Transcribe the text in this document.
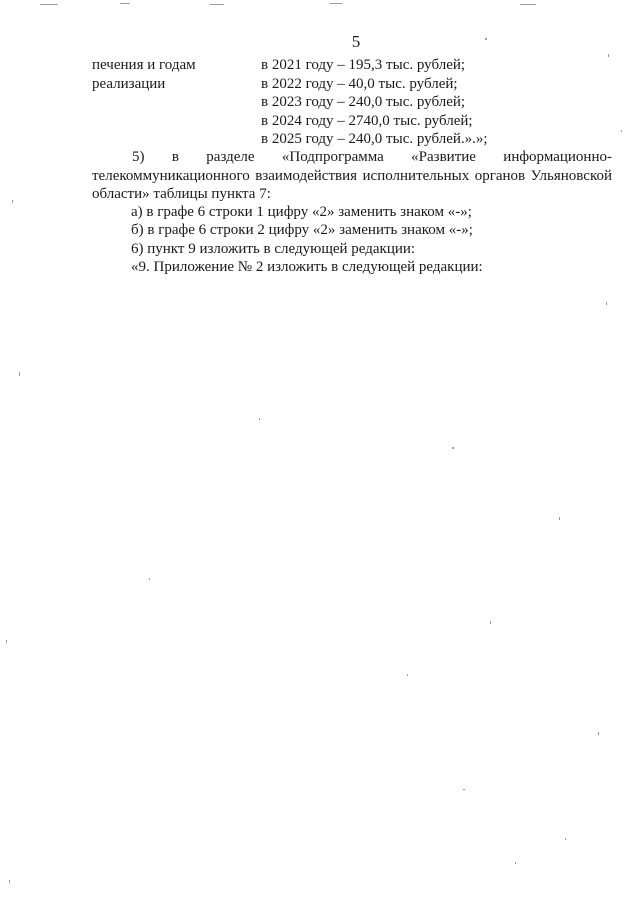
5
печения и годам
реализации
в 2021 году – 195,3 тыс. рублей;
в 2022 году – 40,0 тыс. рублей;
в 2023 году – 240,0 тыс. рублей;
в 2024 году – 2740,0 тыс. рублей;
в 2025 году – 240,0 тыс. рублей.».»;
5) в разделе «Подпрограмма «Развитие информационно-телекоммуникационного взаимодействия исполнительных органов Ульяновской области» таблицы пункта 7:
а) в графе 6 строки 1 цифру «2» заменить знаком «-»;
б) в графе 6 строки 2 цифру «2» заменить знаком «-»;
6) пункт 9 изложить в следующей редакции:
«9. Приложение № 2 изложить в следующей редакции:
